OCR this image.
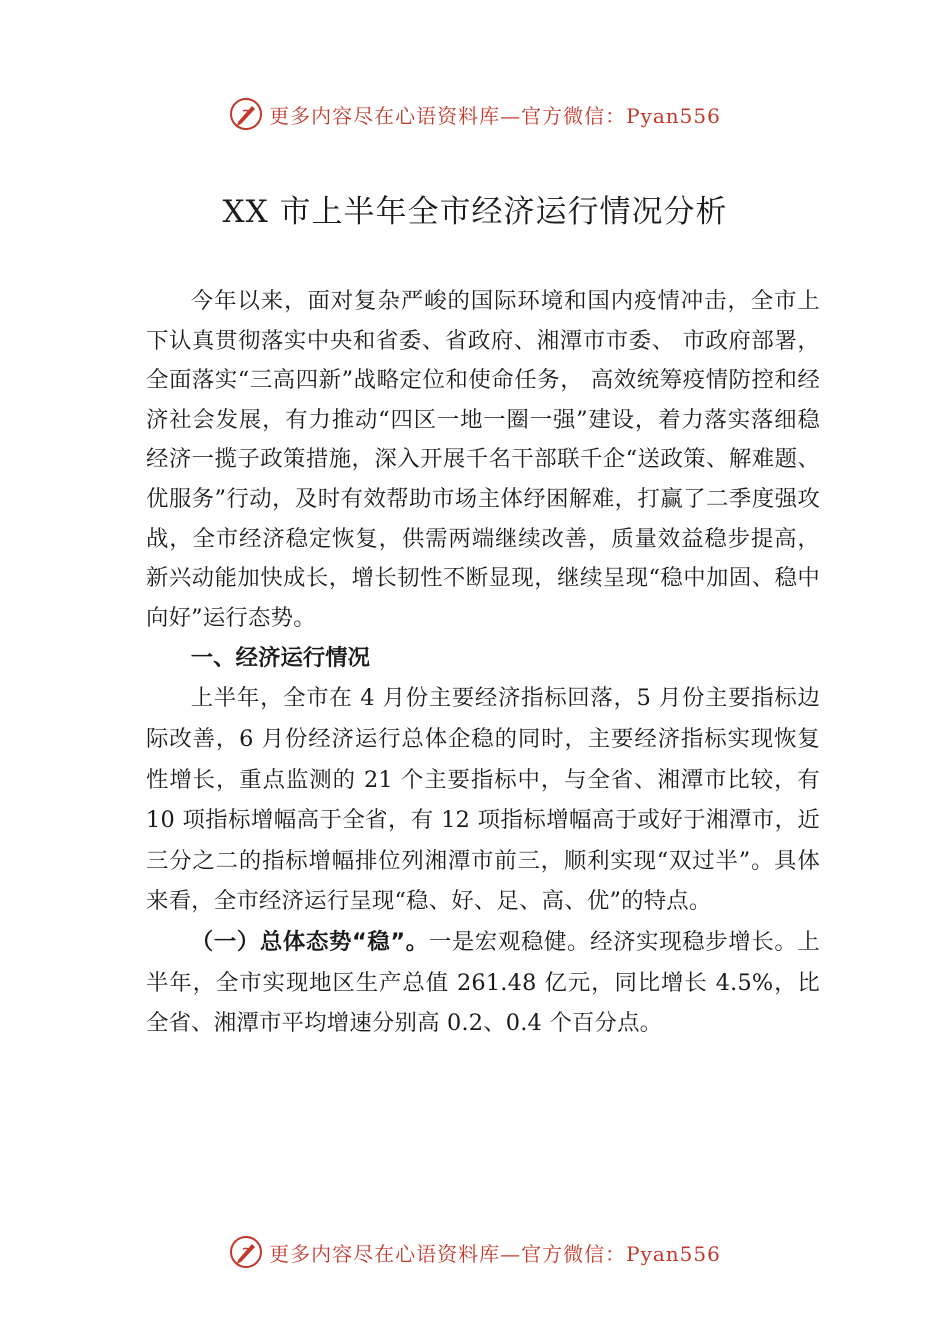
更多内容尽在心语资料库—官方微信：Pyan556
XX 市上半年全市经济运行情况分析

今年以来，面对复杂严峻的国际环境和国内疫情冲击，全市上下认真贯彻落实中央和省委、省政府、湘潭市市委、 市政府部署，全面落实“三高四新”战略定位和使命任务， 高效统筹疫情防控和经济社会发展，有力推动“四区一地一圈一强”建设，着力落实落细稳经济一揽子政策措施，深入开展千名干部联千企“送政策、解难题、优服务”行动，及时有效帮助市场主体纾困解难，打赢了二季度强攻战，全市经济稳定恢复，供需两端继续改善，质量效益稳步提高，新兴动能加快成长，增长韧性不断显现，继续呈现“稳中加固、稳中向好”运行态势。

一、经济运行情况

上半年，全市在 4 月份主要经济指标回落，5 月份主要指标边际改善，6 月份经济运行总体企稳的同时，主要经济指标实现恢复性增长，重点监测的 21 个主要指标中，与全省、湘潭市比较，有 10 项指标增幅高于全省，有 12 项指标增幅高于或好于湘潭市，近三分之二的指标增幅排位列湘潭市前三，顺利实现“双过半”。具体来看，全市经济运行呈现“稳、好、足、高、优”的特点。

（一）总体态势“稳”。一是宏观稳健。经济实现稳步增长。上半年，全市实现地区生产总值 261.48 亿元，同比增长 4.5%，比全省、湘潭市平均增速分别高 0.2、0.4 个百分点。

更多内容尽在心语资料库—官方微信：Pyan556
